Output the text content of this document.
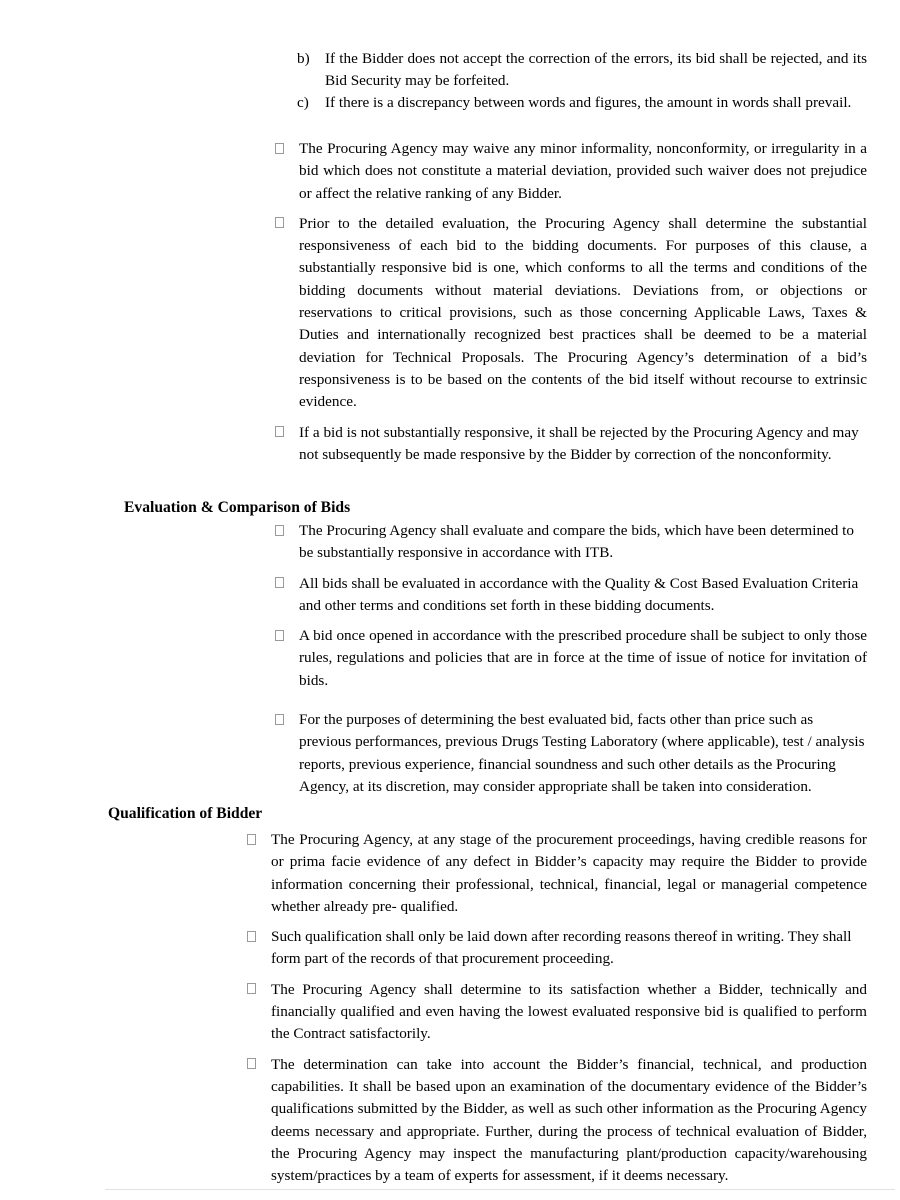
b)	If the Bidder does not accept the correction of the errors, its bid shall be rejected, and its Bid Security may be forfeited.
c)	If there is a discrepancy between words and figures, the amount in words shall prevail.
The Procuring Agency may waive any minor informality, nonconformity, or irregularity in a bid which does not constitute a material deviation, provided such waiver does not prejudice or affect the relative ranking of any Bidder.
Prior to the detailed evaluation, the Procuring Agency shall determine the substantial responsiveness of each bid to the bidding documents. For purposes of this clause, a substantially responsive bid is one, which conforms to all the terms and conditions of the bidding documents without material deviations. Deviations from, or objections or reservations to critical provisions, such as those concerning Applicable Laws, Taxes & Duties and internationally recognized best practices shall be deemed to be a material deviation for Technical Proposals. The Procuring Agency’s determination of a bid’s responsiveness is to be based on the contents of the bid itself without recourse to extrinsic evidence.
If a bid is not substantially responsive, it shall be rejected by the Procuring Agency and may not subsequently be made responsive by the Bidder by correction of the nonconformity.
Evaluation & Comparison of Bids
The Procuring Agency shall evaluate and compare the bids, which have been determined to be substantially responsive in accordance with ITB.
All bids shall be evaluated in accordance with the Quality & Cost Based Evaluation Criteria and other terms and conditions set forth in these bidding documents.
A bid once opened in accordance with the prescribed procedure shall be subject to only those rules, regulations and policies that are in force at the time of issue of notice for invitation of bids.
For the purposes of determining the best evaluated bid, facts other than price such as previous performances, previous Drugs Testing Laboratory (where applicable), test / analysis reports, previous experience, financial soundness and such other details as the Procuring Agency, at its discretion, may consider appropriate shall be taken into consideration.
Qualification of Bidder
The Procuring Agency, at any stage of the procurement proceedings, having credible reasons for or prima facie evidence of any defect in Bidder’s capacity may require the Bidder to provide information concerning their professional, technical, financial, legal or managerial competence whether already pre- qualified.
Such qualification shall only be laid down after recording reasons thereof in writing. They shall form part of the records of that procurement proceeding.
The Procuring Agency shall determine to its satisfaction whether a Bidder, technically and financially qualified and even having the lowest evaluated responsive bid is qualified to perform the Contract satisfactorily.
The determination can take into account the Bidder’s financial, technical, and production capabilities. It shall be based upon an examination of the documentary evidence of the Bidder’s qualifications submitted by the Bidder, as well as such other information as the Procuring Agency deems necessary and appropriate. Further, during the process of technical evaluation of Bidder, the Procuring Agency may inspect the manufacturing plant/production capacity/warehousing system/practices by a team of experts for assessment, if it deems necessary.
